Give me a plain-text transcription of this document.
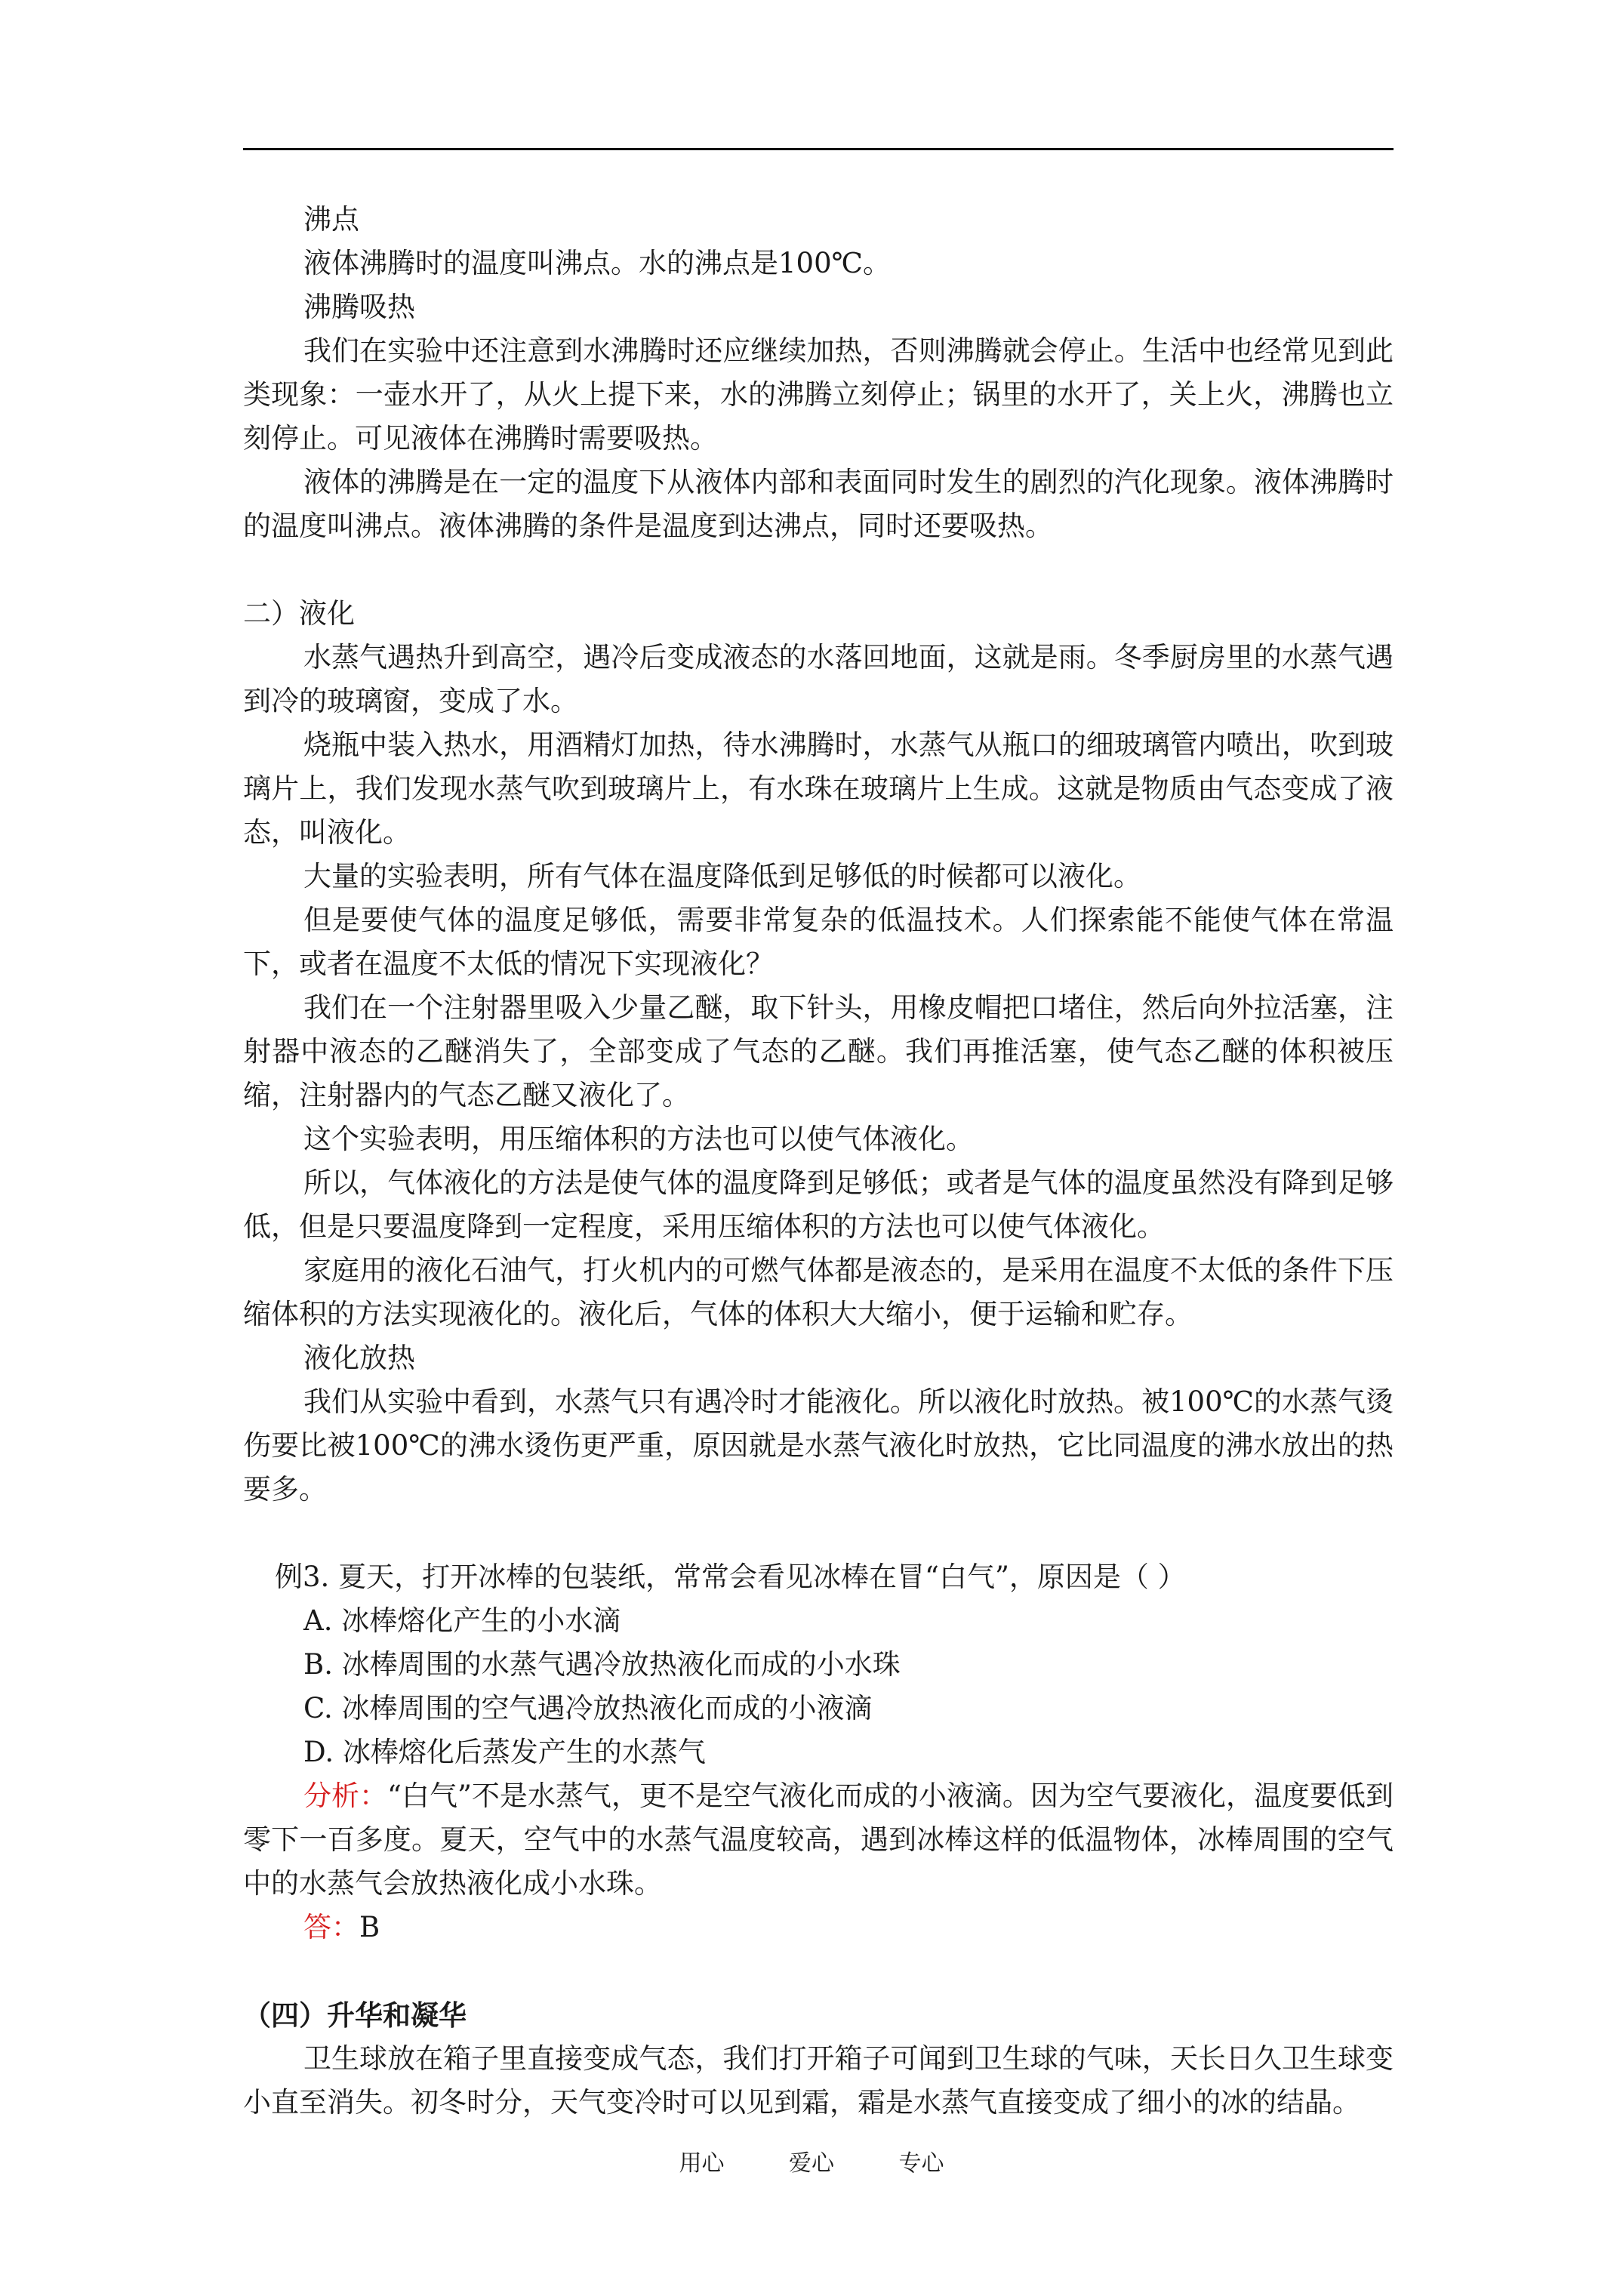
沸点

液体沸腾时的温度叫沸点。水的沸点是100℃。

沸腾吸热

我们在实验中还注意到水沸腾时还应继续加热，否则沸腾就会停止。生活中也经常见到此类现象：一壶水开了，从火上提下来，水的沸腾立刻停止；锅里的水开了，关上火，沸腾也立刻停止。可见液体在沸腾时需要吸热。

液体的沸腾是在一定的温度下从液体内部和表面同时发生的剧烈的汽化现象。液体沸腾时的温度叫沸点。液体沸腾的条件是温度到达沸点，同时还要吸热。

二）液化

水蒸气遇热升到高空，遇冷后变成液态的水落回地面，这就是雨。冬季厨房里的水蒸气遇到冷的玻璃窗，变成了水。

烧瓶中装入热水，用酒精灯加热，待水沸腾时，水蒸气从瓶口的细玻璃管内喷出，吹到玻璃片上，我们发现水蒸气吹到玻璃片上，有水珠在玻璃片上生成。这就是物质由气态变成了液态，叫液化。

大量的实验表明，所有气体在温度降低到足够低的时候都可以液化。

但是要使气体的温度足够低，需要非常复杂的低温技术。人们探索能不能使气体在常温下，或者在温度不太低的情况下实现液化？

我们在一个注射器里吸入少量乙醚，取下针头，用橡皮帽把口堵住，然后向外拉活塞，注射器中液态的乙醚消失了，全部变成了气态的乙醚。我们再推活塞，使气态乙醚的体积被压缩，注射器内的气态乙醚又液化了。

这个实验表明，用压缩体积的方法也可以使气体液化。

所以，气体液化的方法是使气体的温度降到足够低；或者是气体的温度虽然没有降到足够低，但是只要温度降到一定程度，采用压缩体积的方法也可以使气体液化。

家庭用的液化石油气，打火机内的可燃气体都是液态的，是采用在温度不太低的条件下压缩体积的方法实现液化的。液化后，气体的体积大大缩小，便于运输和贮存。

液化放热

我们从实验中看到，水蒸气只有遇冷时才能液化。所以液化时放热。被100℃的水蒸气烫伤要比被100℃的沸水烫伤更严重，原因就是水蒸气液化时放热，它比同温度的沸水放出的热要多。

例3. 夏天，打开冰棒的包装纸，常常会看见冰棒在冒“白气”，原因是（ ）

A. 冰棒熔化产生的小水滴

B. 冰棒周围的水蒸气遇冷放热液化而成的小水珠

C. 冰棒周围的空气遇冷放热液化而成的小液滴

D. 冰棒熔化后蒸发产生的水蒸气

分析：“白气”不是水蒸气，更不是空气液化而成的小液滴。因为空气要液化，温度要低到零下一百多度。夏天，空气中的水蒸气温度较高，遇到冰棒这样的低温物体，冰棒周围的空气中的水蒸气会放热液化成小水珠。

答：B

（四）升华和凝华

卫生球放在箱子里直接变成气态，我们打开箱子可闻到卫生球的气味，天长日久卫生球变小直至消失。初冬时分，天气变冷时可以见到霜，霜是水蒸气直接变成了细小的冰的结晶。

用心	爱心	专心
